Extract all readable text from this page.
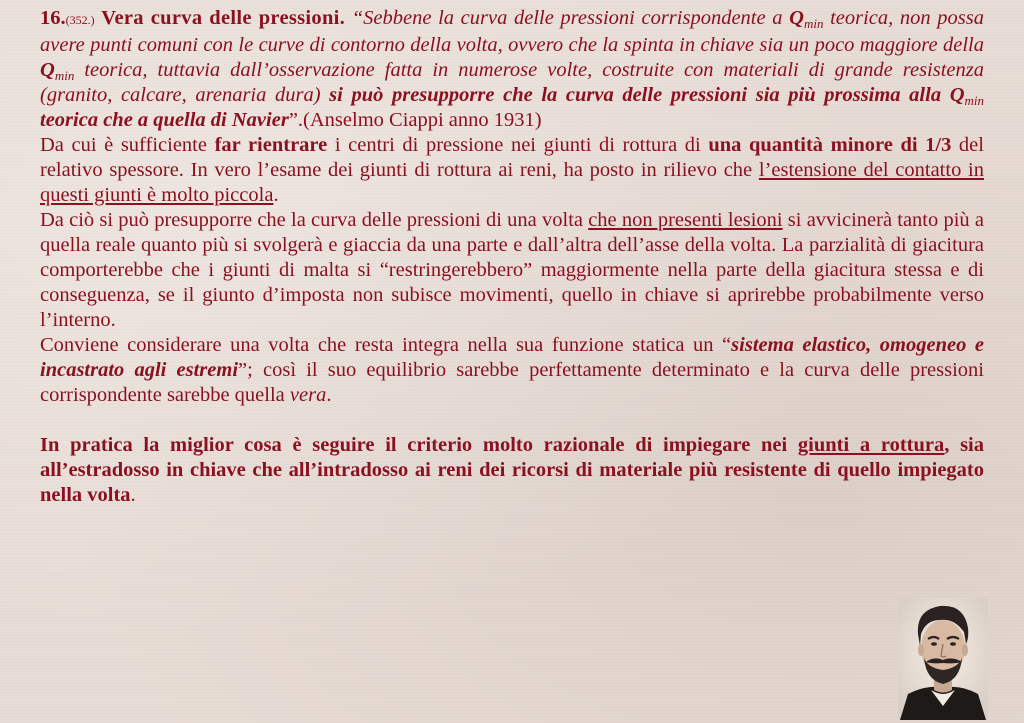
16.(352.) Vera curva delle pressioni. “Sebbene la curva delle pressioni corrispondente a $Q_{min}$ teorica, non possa avere punti comuni con le curve di contorno della volta, ovvero che la spinta in chiave sia un poco maggiore della $Q_{min}$ teorica, tuttavia dall’osservazione fatta in numerose volte, costruite con materiali di grande resistenza (granito, calcare, arenaria dura) si può presupporre che la curva delle pressioni sia più prossima alla $Q_{min}$ teorica che a quella di Navier”.(Anselmo Ciappi anno 1931)

Da cui è sufficiente far rientrare i centri di pressione nei giunti di rottura di una quantità minore di 1/3 del relativo spessore. In vero l’esame dei giunti di rottura ai reni, ha posto in rilievo che l’estensione del contatto in questi giunti è molto piccola.

Da ciò si può presupporre che la curva delle pressioni di una volta che non presenti lesioni si avvicinerà tanto più a quella reale quanto più si svolgerà e giaccia da una parte e dall’altra dell’asse della volta. La parzialità di giacitura comporterebbe che i giunti di malta si “restringerebbero” maggiormente nella parte della giacitura stessa e di conseguenza, se il giunto d’imposta non subisce movimenti, quello in chiave si aprirebbe probabilmente verso l’interno.

Conviene considerare una volta che resta integra nella sua funzione statica un “sistema elastico, omogeneo e incastrato agli estremi”; così il suo equilibrio sarebbe perfettamente determinato e la curva delle pressioni corrispondente sarebbe quella vera.

In pratica la miglior cosa è seguire il criterio molto razionale di impiegare nei giunti a rottura, sia all’estradosso in chiave che all’intradosso ai reni dei ricorsi di materiale più resistente di quello impiegato nella volta.
